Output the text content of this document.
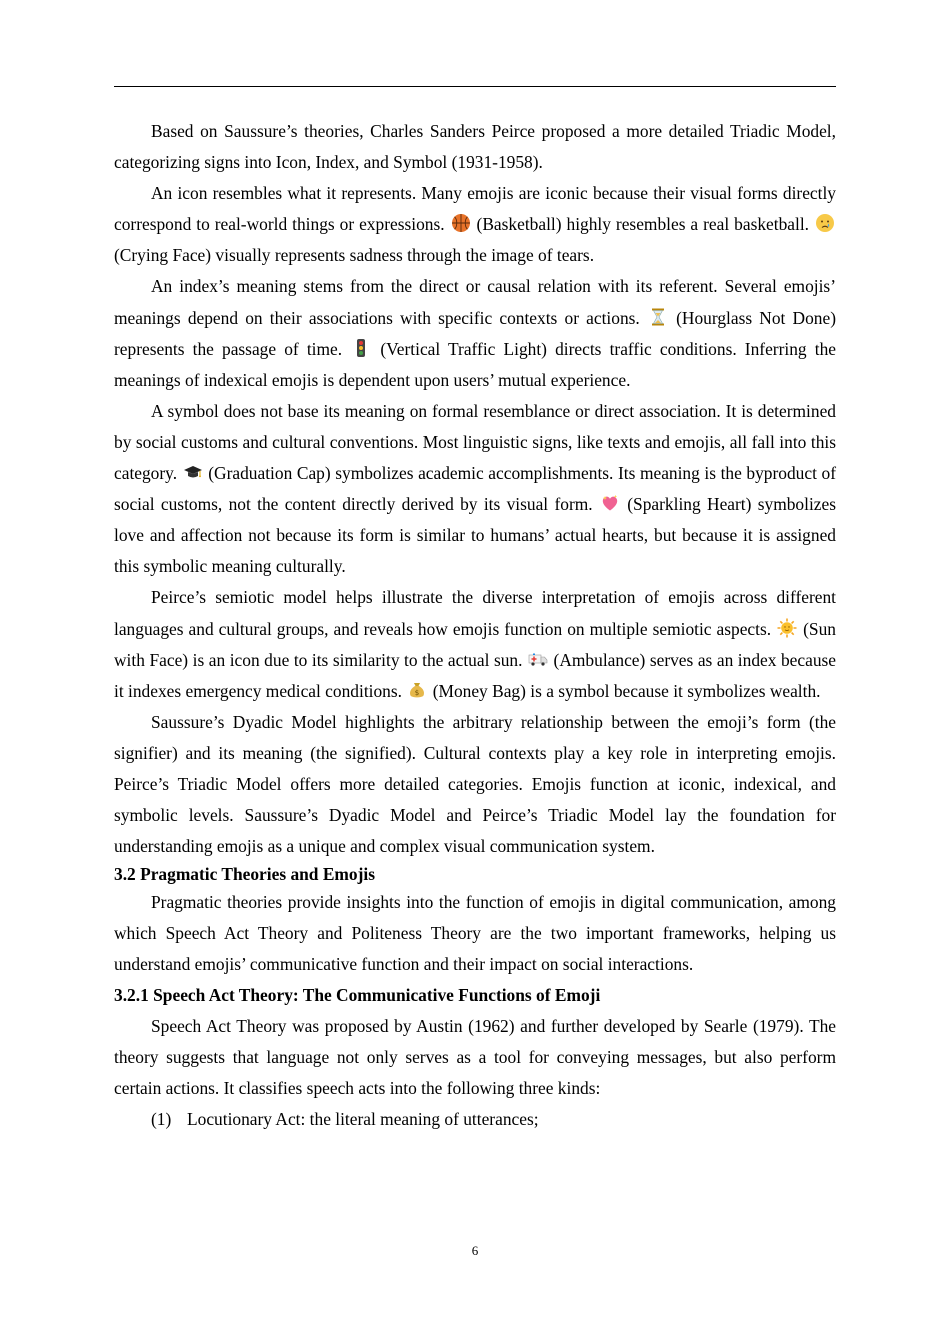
Based on Saussure’s theories, Charles Sanders Peirce proposed a more detailed Triadic Model, categorizing signs into Icon, Index, and Symbol (1931-1958).

An icon resembles what it represents. Many emojis are iconic because their visual forms directly correspond to real-world things or expressions.  (Basketball) highly resembles a real basketball.  (Crying Face) visually represents sadness through the image of tears.

An index’s meaning stems from the direct or causal relation with its referent. Several emojis’ meanings depend on their associations with specific contexts or actions.  (Hourglass Not Done) represents the passage of time.  (Vertical Traffic Light) directs traffic conditions. Inferring the meanings of indexical emojis is dependent upon users’ mutual experience.

A symbol does not base its meaning on formal resemblance or direct association. It is determined by social customs and cultural conventions. Most linguistic signs, like texts and emojis, all fall into this category.  (Graduation Cap) symbolizes academic accomplishments. Its meaning is the byproduct of social customs, not the content directly derived by its visual form.  (Sparkling Heart) symbolizes love and affection not because its form is similar to humans’ actual hearts, but because it is assigned this symbolic meaning culturally.

Peirce’s semiotic model helps illustrate the diverse interpretation of emojis across different languages and cultural groups, and reveals how emojis function on multiple semiotic aspects.  (Sun with Face) is an icon due to its similarity to the actual sun.  (Ambulance) serves as an index because it indexes emergency medical conditions. $ (Money Bag) is a symbol because it symbolizes wealth.

Saussure’s Dyadic Model highlights the arbitrary relationship between the emoji’s form (the signifier) and its meaning (the signified). Cultural contexts play a key role in interpreting emojis. Peirce’s Triadic Model offers more detailed categories. Emojis function at iconic, indexical, and symbolic levels. Saussure’s Dyadic Model and Peirce’s Triadic Model lay the foundation for understanding emojis as a unique and complex visual communication system.

3.2 Pragmatic Theories and Emojis

Pragmatic theories provide insights into the function of emojis in digital communication, among which Speech Act Theory and Politeness Theory are the two important frameworks, helping us understand emojis’ communicative function and their impact on social interactions.

3.2.1 Speech Act Theory: The Communicative Functions of Emoji

Speech Act Theory was proposed by Austin (1962) and further developed by Searle (1979). The theory suggests that language not only serves as a tool for conveying messages, but also perform certain actions. It classifies speech acts into the following three kinds:

(1) Locutionary Act: the literal meaning of utterances;

6
